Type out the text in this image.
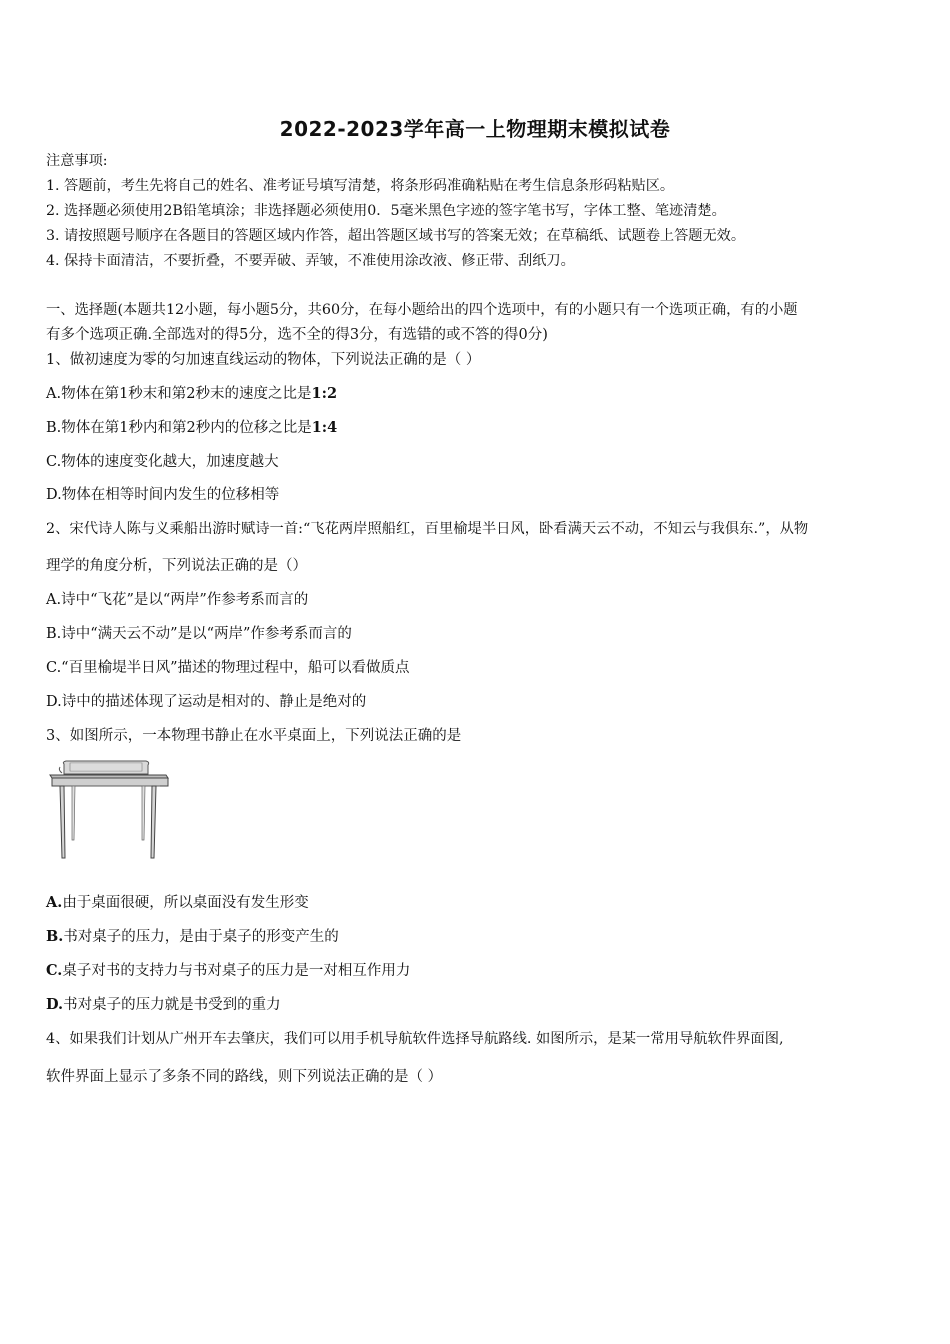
2022-2023学年高一上物理期末模拟试卷
注意事项:
1. 答题前，考生先将自己的姓名、准考证号填写清楚，将条形码准确粘贴在考生信息条形码粘贴区。
2. 选择题必须使用2B铅笔填涂；非选择题必须使用0．5毫米黑色字迹的签字笔书写，字体工整、笔迹清楚。
3. 请按照题号顺序在各题目的答题区域内作答，超出答题区域书写的答案无效；在草稿纸、试题卷上答题无效。
4. 保持卡面清洁，不要折叠，不要弄破、弄皱，不准使用涂改液、修正带、刮纸刀。
一、选择题(本题共12小题，每小题5分，共60分，在每小题给出的四个选项中，有的小题只有一个选项正确，有的小题
有多个选项正确.全部选对的得5分，选不全的得3分，有选错的或不答的得0分)
1、做初速度为零的匀加速直线运动的物体，下列说法正确的是（ ）
A.物体在第1秒末和第2秒末的速度之比是1:2
B.物体在第1秒内和第2秒内的位移之比是1:4
C.物体的速度变化越大，加速度越大
D.物体在相等时间内发生的位移相等
2、宋代诗人陈与义乘船出游时赋诗一首:“飞花两岸照船红，百里榆堤半日风，卧看满天云不动，不知云与我俱东.”，从物
理学的角度分析，下列说法正确的是（）
A.诗中“飞花”是以“两岸”作参考系而言的
B.诗中“满天云不动”是以“两岸”作参考系而言的
C.“百里榆堤半日风”描述的物理过程中，船可以看做质点
D.诗中的描述体现了运动是相对的、静止是绝对的
3、如图所示，一本物理书静止在水平桌面上，下列说法正确的是
A.由于桌面很硬，所以桌面没有发生形变
B.书对桌子的压力，是由于桌子的形变产生的
C.桌子对书的支持力与书对桌子的压力是一对相互作用力
D.书对桌子的压力就是书受到的重力
4、如果我们计划从广州开车去肇庆，我们可以用手机导航软件选择导航路线. 如图所示，是某一常用导航软件界面图,
软件界面上显示了多条不同的路线，则下列说法正确的是（ ）
